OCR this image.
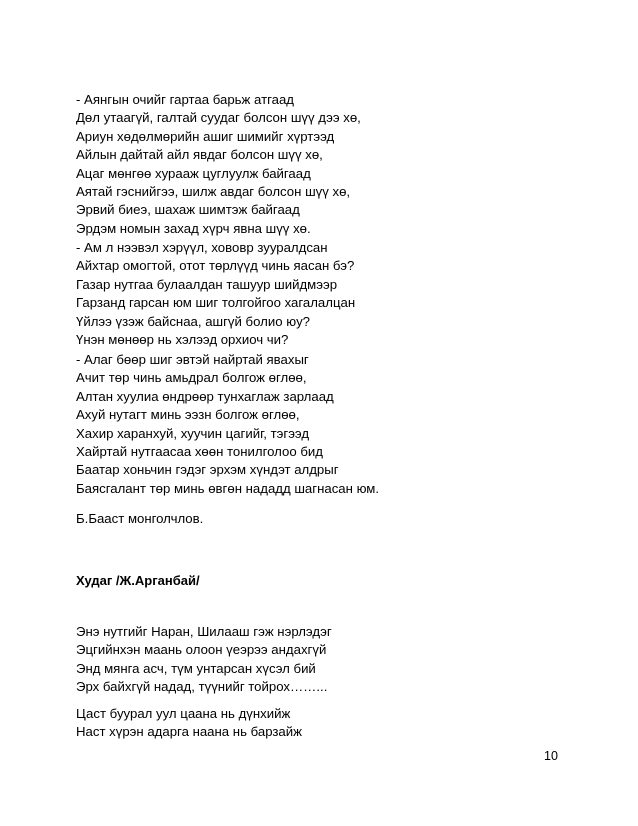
- Аянгын очийг гартаа барьж атгаад
Дөл утаагүй, галтай суудаг болсон шүү дээ хө,
Ариун хөдөлмөрийн ашиг шимийг хүртээд
Айлын дайтай айл явдаг болсон шүү хө,
Ацаг мөнгөө хурааж цуглуулж байгаад
Аятай гэснийгээ, шилж авдаг болсон шүү хө,
Эрвий биеэ, шахаж шимтэж байгаад
Эрдэм номын захад хүрч явна шүү хө.
- Ам л нээвэл хэрүүл, хововр зуурaлдсан
Айхтар омогтой, отот төрлүүд чинь яасан бэ?
Газар нутгаа булаалдан ташуур шийдмээр
Гарзанд гарсан юм шиг толгойгоо хагалалцан
Үйлээ үзэж байснаа, ашгүй болио юу?
Үнэн мөнөөр нь хэлээд орхиоч чи?
- Алаг бөөр шиг эвтэй найртай явахыг
Ачит төр чинь амьдрал болгож өглөө,
Алтан хуулиа өндрөөр тунхаглаж зарлаад
Ахуй нутагт минь ээзн болгож өглөө,
Хахир харанхуй, хуучин цагийг, тэгээд
Хайртай нутгаасаа хөөн тонилголоо бид
Баатар хоньчин гэдэг эрхэм хүндэт алдрыг
Баясгалант төр минь өвгөн нададд шагнасан юм.
Б.Бааст монголчлов.
Худаг /Ж.Арганбай/
Энэ нутгийг Наран, Шилааш гэж нэрлэдэг
Эцгийнхэн маань олоон үеэрээ андахгүй
Энд мянга асч, түм унтарсан хүсэл бий
Эрх байхгүй нaдад, түүнийг тойрох……...
Цаст буурал уул цаана нь дүнхийж
Наст хүрэн адарга наана нь барзайж
10
